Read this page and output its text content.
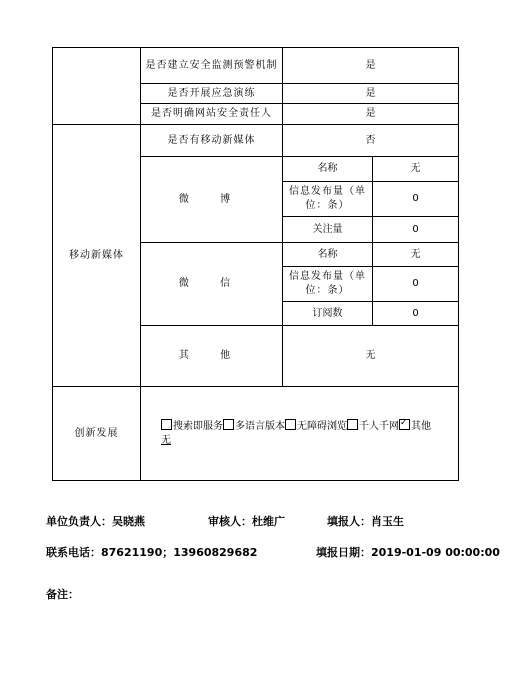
	是否建立安全监测预警机制	是	
	是否开展应急演练	是	
	是否明确网站安全责任人	是	
移动新媒体	是否有移动新媒体	否	
	微 博	名称	无
		信息发布量（单位：条）	0
		关注量	0
	微 信	名称	无
		信息发布量（单位：条）	0
		订阅数	0
	其 他	无	
创新发展	搜索即服务 多语言版本 无障碍浏览 千人千网 ✓ 其他
无
单位负责人：吴晓燕	审核人：杜维广	填报人：肖玉生
联系电话：87621190；13960829682	填报日期：2019-01-09 00:00:00
备注：
